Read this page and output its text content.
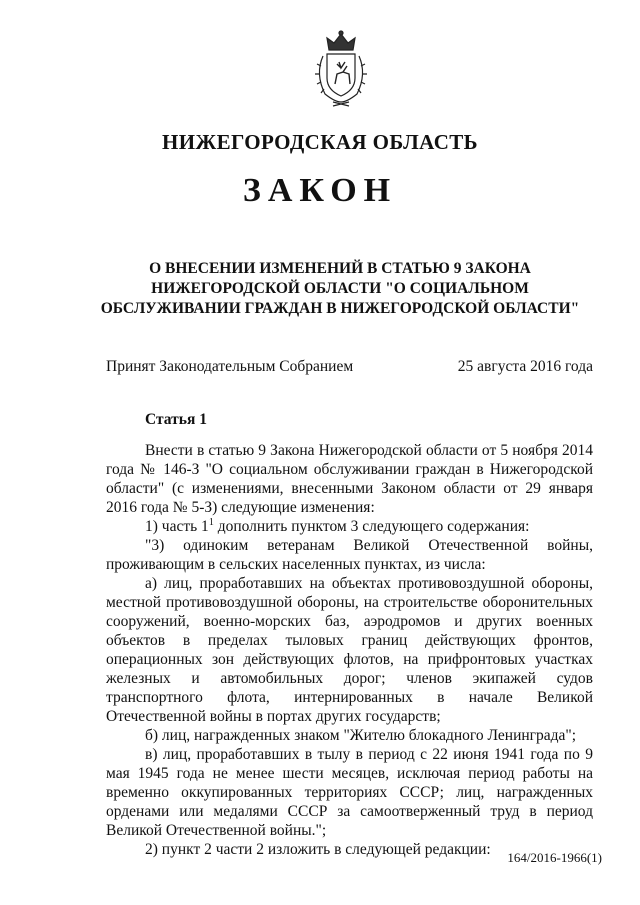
НИЖЕГОРОДСКАЯ ОБЛАСТЬ
ЗАКОН
О ВНЕСЕНИИ ИЗМЕНЕНИЙ В СТАТЬЮ 9 ЗАКОНА
НИЖЕГОРОДСКОЙ ОБЛАСТИ "О СОЦИАЛЬНОМ
ОБСЛУЖИВАНИИ ГРАЖДАН В НИЖЕГОРОДСКОЙ ОБЛАСТИ"
Принят Законодательным Собранием	25 августа 2016 года
Статья 1

Внести в статью 9 Закона Нижегородской области от 5 ноября 2014 года № 146-З "О социальном обслуживании граждан в Нижегородской области" (с изменениями, внесенными Законом области от 29 января 2016 года № 5-З) следующие изменения:

1) часть $1^1$ дополнить пунктом 3 следующего содержания:

"3) одиноким ветеранам Великой Отечественной войны, проживающим в сельских населенных пунктах, из числа:

а) лиц, проработавших на объектах противовоздушной обороны, местной противовоздушной обороны, на строительстве оборонительных сооружений, военно-морских баз, аэродромов и других военных объектов в пределах тыловых границ действующих фронтов, операционных зон действующих флотов, на прифронтовых участках железных и автомобильных дорог; членов экипажей судов транспортного флота, интернированных в начале Великой Отечественной войны в портах других государств;

б) лиц, награжденных знаком "Жителю блокадного Ленинграда";

в) лиц, проработавших в тылу в период с 22 июня 1941 года по 9 мая 1945 года не менее шести месяцев, исключая период работы на временно оккупированных территориях СССР; лиц, награжденных орденами или медалями СССР за самоотверженный труд в период Великой Отечественной войны.";

2) пункт 2 части 2 изложить в следующей редакции:	164/2016-1966(1)
